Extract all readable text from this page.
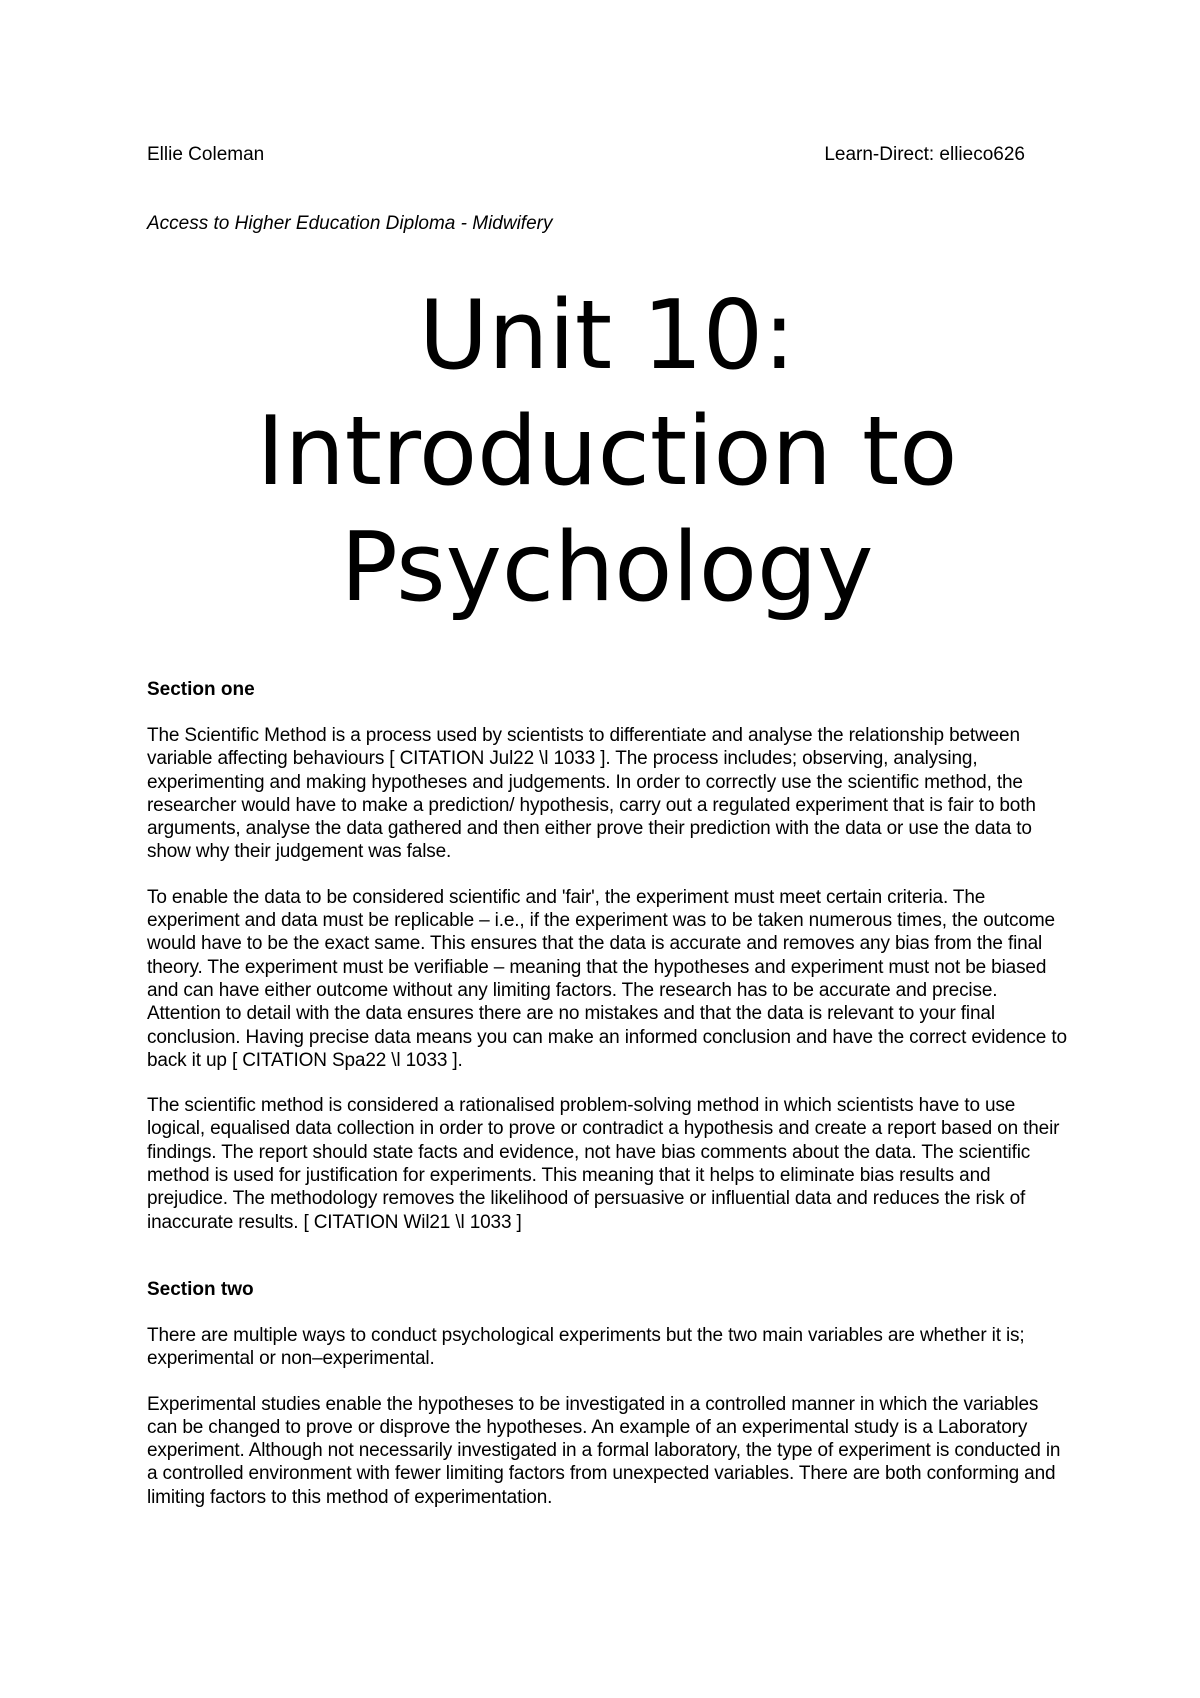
Ellie Coleman	Learn-Direct: ellieco626
Access to Higher Education Diploma - Midwifery
Unit 10:
Introduction to
Psychology
Section one

The Scientific Method is a process used by scientists to differentiate and analyse the relationship between variable affecting behaviours [ CITATION Jul22 \l 1033 ]. The process includes; observing, analysing, experimenting and making hypotheses and judgements. In order to correctly use the scientific method, the researcher would have to make a prediction/ hypothesis, carry out a regulated experiment that is fair to both arguments, analyse the data gathered and then either prove their prediction with the data or use the data to show why their judgement was false.

To enable the data to be considered scientific and 'fair', the experiment must meet certain criteria. The experiment and data must be replicable – i.e., if the experiment was to be taken numerous times, the outcome would have to be the exact same. This ensures that the data is accurate and removes any bias from the final theory. The experiment must be verifiable – meaning that the hypotheses and experiment must not be biased and can have either outcome without any limiting factors. The research has to be accurate and precise. Attention to detail with the data ensures there are no mistakes and that the data is relevant to your final conclusion. Having precise data means you can make an informed conclusion and have the correct evidence to back it up [ CITATION Spa22 \l 1033 ].

The scientific method is considered a rationalised problem-solving method in which scientists have to use logical, equalised data collection in order to prove or contradict a hypothesis and create a report based on their findings. The report should state facts and evidence, not have bias comments about the data. The scientific method is used for justification for experiments. This meaning that it helps to eliminate bias results and prejudice. The methodology removes the likelihood of persuasive or influential data and reduces the risk of inaccurate results. [ CITATION Wil21 \l 1033 ]

Section two

There are multiple ways to conduct psychological experiments but the two main variables are whether it is; experimental or non–experimental.

Experimental studies enable the hypotheses to be investigated in a controlled manner in which the variables can be changed to prove or disprove the hypotheses. An example of an experimental study is a Laboratory experiment. Although not necessarily investigated in a formal laboratory, the type of experiment is conducted in a controlled environment with fewer limiting factors from unexpected variables. There are both conforming and limiting factors to this method of experimentation.
